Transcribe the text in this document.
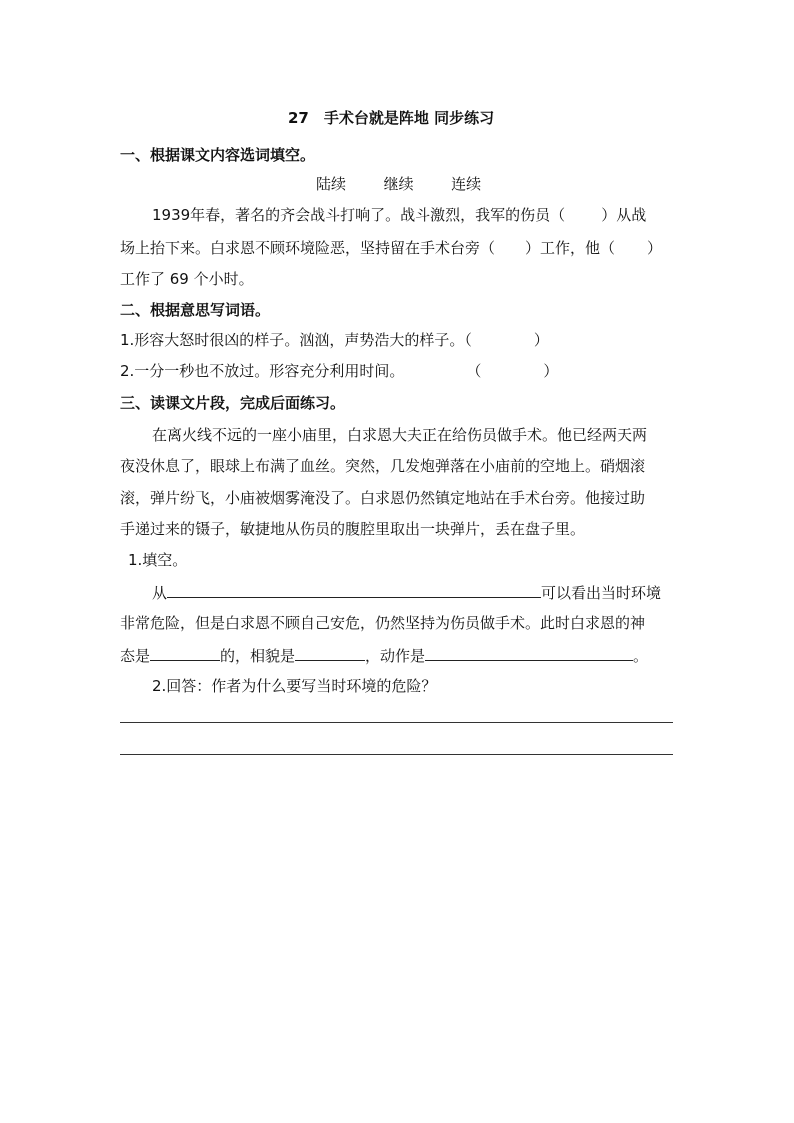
27　手术台就是阵地 同步练习
一、根据课文内容选词填空。
陆续	继续	连续
1939年春，著名的齐会战斗打响了。战斗激烈，我军的伤员（ ）从战
场上抬下来。白求恩不顾环境险恶，坚持留在手术台旁（ ）工作，他（ ）
工作了 69 个小时。
二、根据意思写词语。
1.形容大怒时很凶的样子。汹汹，声势浩大的样子。（	）
2.一分一秒也不放过。形容充分利用时间。	（	）
三、读课文片段，完成后面练习。
在离火线不远的一座小庙里，白求恩大夫正在给伤员做手术。他已经两天两
夜没休息了，眼球上布满了血丝。突然，几发炮弹落在小庙前的空地上。硝烟滚
滚，弹片纷飞，小庙被烟雾淹没了。白求恩仍然镇定地站在手术台旁。他接过助
手递过来的镊子，敏捷地从伤员的腹腔里取出一块弹片，丢在盘子里。
1.填空。
从	可以看出当时环境
非常危险，但是白求恩不顾自己安危，仍然坚持为伤员做手术。此时白求恩的神
态是	的，相貌是	，动作是	。
2.回答：作者为什么要写当时环境的危险？
